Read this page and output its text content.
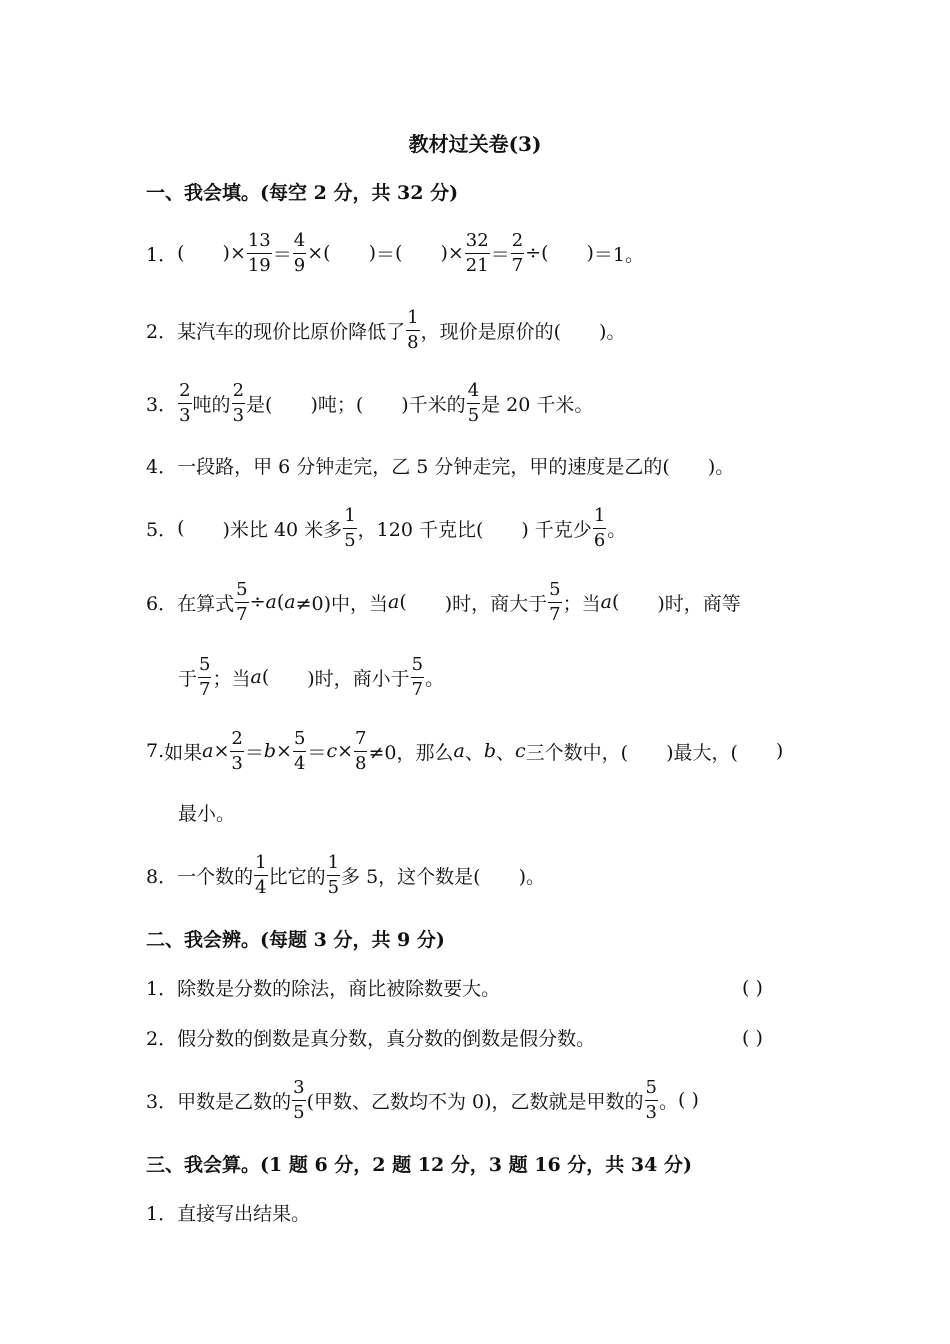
教材过关卷(3)
一、我会填。(每空 2 分，共 32 分)
1． ( ) ×
13
19 ＝
4
9
× ( ) ＝ ( ) ×
32
21 ＝
2
7
÷ ( ) ＝1。
2． 某汽车的现价比原价降低了
1
8 ，现价是原价的( )。
3．
2
3 吨的
2
3 是( )吨；( )千米的
4
5 是 20 千米。
4． 一段路，甲 6 分钟走完，乙 5 分钟走完，甲的速度是乙的( )。
5． ( )米比 40 米多
1
5 ，120 千克比( ) 千克少
1
6 。
6． 在算式 $\frac{5}{7} \div a$ ( a ≠0)中，当 a ( )时，商大于
5
7 ；当 a ( )时，商等
于
5
7 ；当 a ( )时，商小于
5
7 。
7. 如果 $a \times \frac{2}{3} = b \times \frac{5}{4} = c \times \frac{7}{8} \ne 0$，那么 a 、 b 、 c 三个数中，( )最大，( )
最小。
8． 一个数的
1
4 比它的
1
5 多 5，这个数是( )。
二、我会辨。(每题 3 分，共 9 分)
1． 除数是分数的除法，商比被除数要大。	( )
2． 假分数的倒数是真分数，真分数的倒数是假分数。	( )
3． 甲数是乙数的
3
5 (甲数、乙数均不为 0)，乙数就是甲数的
5
3 。 ( )
三、我会算。(1 题 6 分，2 题 12 分，3 题 16 分，共 34 分)
1． 直接写出结果。
